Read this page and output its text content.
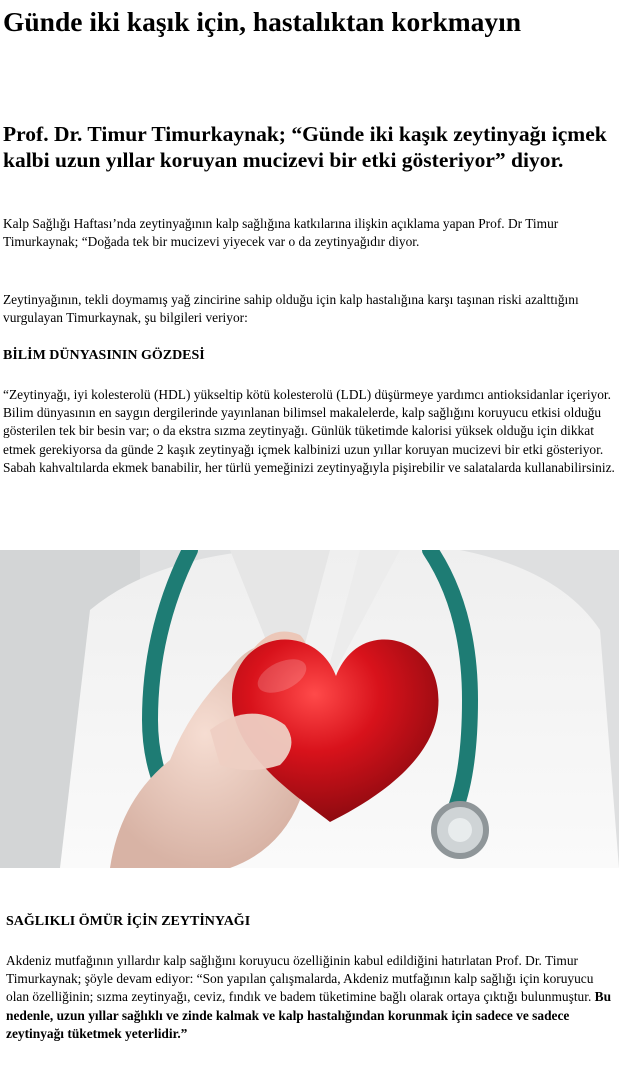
Günde iki kaşık için, hastalıktan korkmayın
Prof. Dr. Timur Timurkaynak; “Günde iki kaşık zeytinyağı içmek kalbi uzun yıllar koruyan mucizevi bir etki gösteriyor” diyor.

Kalp Sağlığı Haftası’nda zeytinyağının kalp sağlığına katkılarına ilişkin açıklama yapan Prof. Dr Timur Timurkaynak; “Doğada tek bir mucizevi yiyecek var o da zeytinyağıdır diyor.

Zeytinyağının, tekli doymamış yağ zincirine sahip olduğu için kalp hastalığına karşı taşınan riski azalttığını vurgulayan Timurkaynak, şu bilgileri veriyor:

BİLİM DÜNYASININ GÖZDESİ

“Zeytinyağı, iyi kolesterolü (HDL) yükseltip kötü kolesterolü (LDL) düşürmeye yardımcı antioksidanlar içeriyor. Bilim dünyasının en saygın dergilerinde yayınlanan bilimsel makalelerde, kalp sağlığını koruyucu etkisi olduğu gösterilen tek bir besin var; o da ekstra sızma zeytinyağı. Günlük tüketimde kalorisi yüksek olduğu için dikkat etmek gerekiyorsa da günde 2 kaşık zeytinyağı içmek kalbinizi uzun yıllar koruyan mucizevi bir etki gösteriyor. Sabah kahvaltılarda ekmek banabilir, her türlü yemeğinizi zeytinyağıyla pişirebilir ve salatalarda kullanabilirsiniz.

SAĞLIKLI ÖMÜR İÇİN ZEYTİNYAĞI

Akdeniz mutfağının yıllardır kalp sağlığını koruyucu özelliğinin kabul edildiğini hatırlatan Prof. Dr. Timur Timurkaynak; şöyle devam ediyor: “Son yapılan çalışmalarda, Akdeniz mutfağının kalp sağlığı için koruyucu olan özelliğinin; sızma zeytinyağı, ceviz, fındık ve badem tüketimine bağlı olarak ortaya çıktığı bulunmuştur. Bu nedenle, uzun yıllar sağlıklı ve zinde kalmak ve kalp hastalığından korunmak için sadece ve sadece zeytinyağı tüketmek yeterlidir.”
